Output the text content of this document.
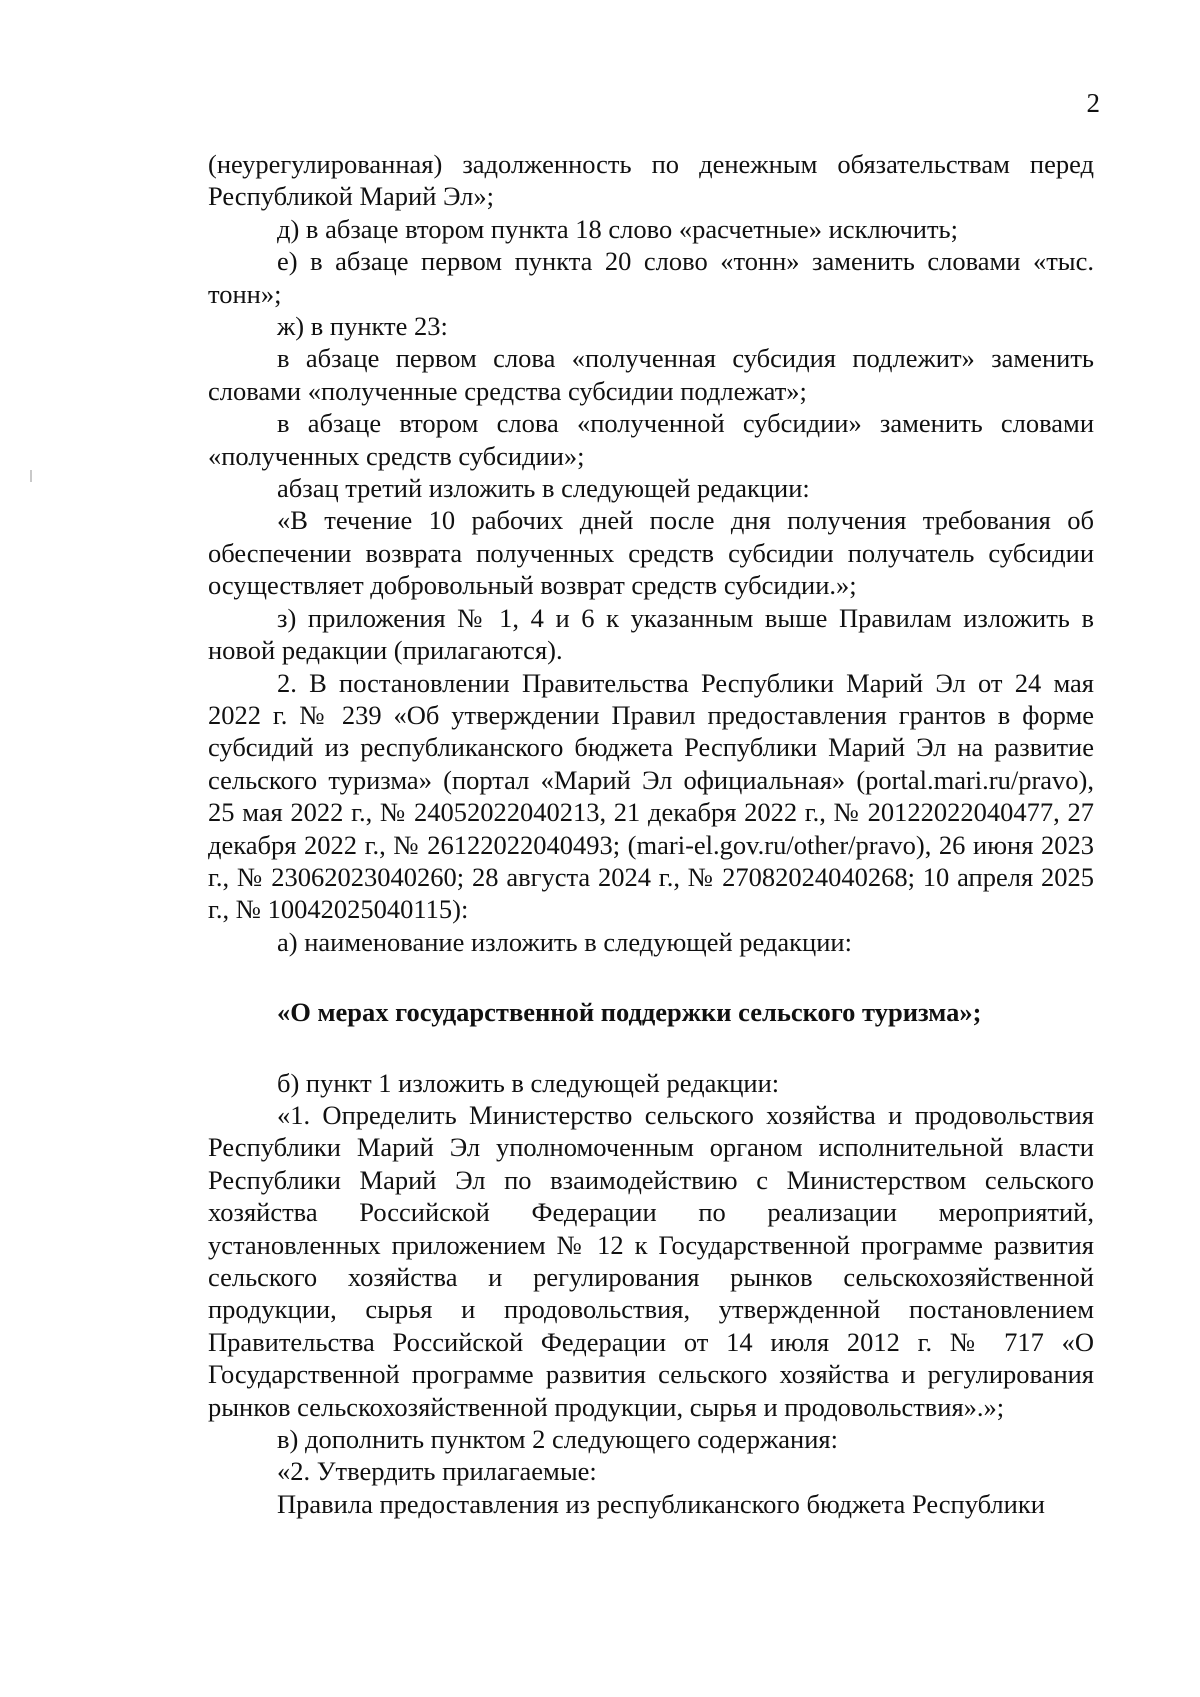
2

(неурегулированная) задолженность по денежным обязательствам перед Республикой Марий Эл»;

д) в абзаце втором пункта 18 слово «расчетные» исключить;

е) в абзаце первом пункта 20 слово «тонн» заменить словами «тыс. тонн»;

ж) в пункте 23:

в абзаце первом слова «полученная субсидия подлежит» заменить словами «полученные средства субсидии подлежат»;

в абзаце втором слова «полученной субсидии» заменить словами «полученных средств субсидии»;

абзац третий изложить в следующей редакции:

«В течение 10 рабочих дней после дня получения требования об обеспечении возврата полученных средств субсидии получатель субсидии осуществляет добровольный возврат средств субсидии.»;

з) приложения № 1, 4 и 6 к указанным выше Правилам изложить в новой редакции (прилагаются).

2. В постановлении Правительства Республики Марий Эл от 24 мая 2022 г. № 239 «Об утверждении Правил предоставления грантов в форме субсидий из республиканского бюджета Республики Марий Эл на развитие сельского туризма» (портал «Марий Эл официальная» (portal.mari.ru/pravo), 25 мая 2022 г., № 24052022040213, 21 декабря 2022 г., № 20122022040477, 27 декабря 2022 г., № 26122022040493; (mari-el.gov.ru/other/pravo), 26 июня 2023 г., № 23062023040260; 28 августа 2024 г., № 27082024040268; 10 апреля 2025 г., № 10042025040115):

а) наименование изложить в следующей редакции:

«О мерах государственной поддержки сельского туризма»;

б) пункт 1 изложить в следующей редакции:

«1. Определить Министерство сельского хозяйства и продовольствия Республики Марий Эл уполномоченным органом исполнительной власти Республики Марий Эл по взаимодействию с Министерством сельского хозяйства Российской Федерации по реализации мероприятий, установленных приложением № 12 к Государственной программе развития сельского хозяйства и регулирования рынков сельскохозяйственной продукции, сырья и продовольствия, утвержденной постановлением Правительства Российской Федерации от 14 июля 2012 г. № 717 «О Государственной программе развития сельского хозяйства и регулирования рынков сельскохозяйственной продукции, сырья и продовольствия».»;

в) дополнить пунктом 2 следующего содержания:

«2. Утвердить прилагаемые:

Правила предоставления из республиканского бюджета Республики
